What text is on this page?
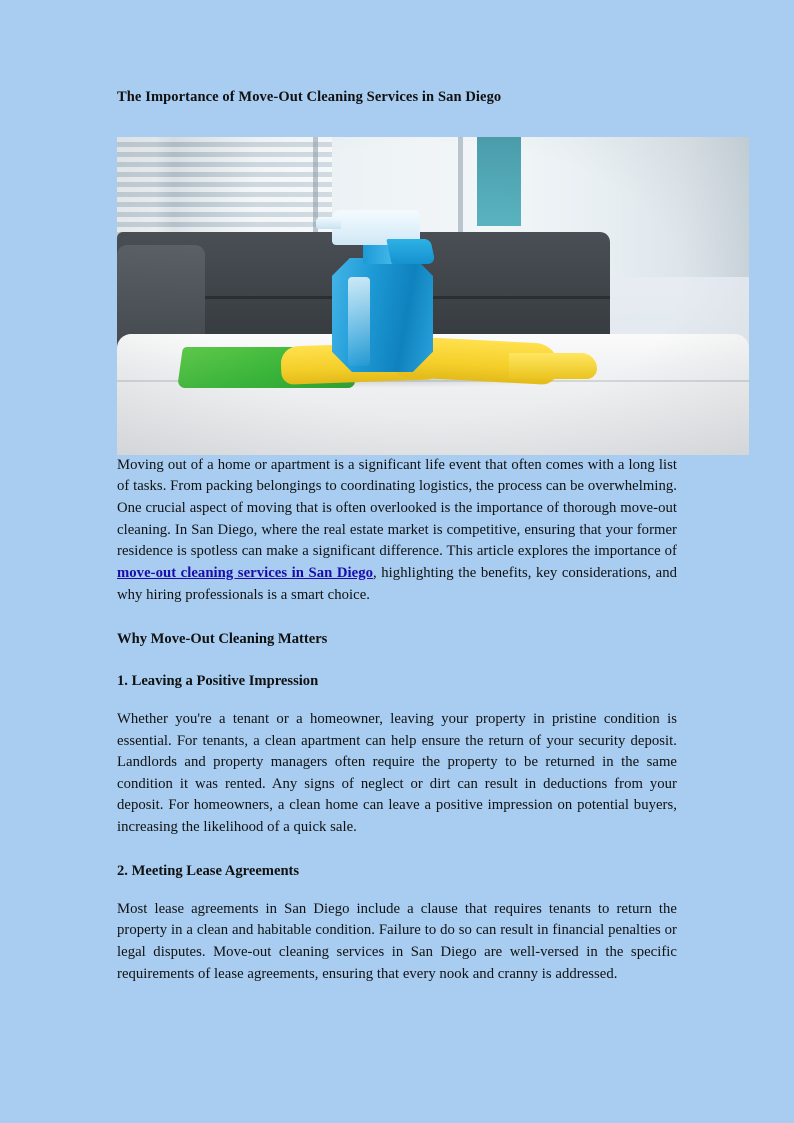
The Importance of Move-Out Cleaning Services in San Diego

Moving out of a home or apartment is a significant life event that often comes with a long list of tasks. From packing belongings to coordinating logistics, the process can be overwhelming. One crucial aspect of moving that is often overlooked is the importance of thorough move-out cleaning. In San Diego, where the real estate market is competitive, ensuring that your former residence is spotless can make a significant difference. This article explores the importance of move-out cleaning services in San Diego, highlighting the benefits, key considerations, and why hiring professionals is a smart choice.

Why Move-Out Cleaning Matters
1. Leaving a Positive Impression

Whether you're a tenant or a homeowner, leaving your property in pristine condition is essential. For tenants, a clean apartment can help ensure the return of your security deposit. Landlords and property managers often require the property to be returned in the same condition it was rented. Any signs of neglect or dirt can result in deductions from your deposit. For homeowners, a clean home can leave a positive impression on potential buyers, increasing the likelihood of a quick sale.

2. Meeting Lease Agreements

Most lease agreements in San Diego include a clause that requires tenants to return the property in a clean and habitable condition. Failure to do so can result in financial penalties or legal disputes. Move-out cleaning services in San Diego are well-versed in the specific requirements of lease agreements, ensuring that every nook and cranny is addressed.
